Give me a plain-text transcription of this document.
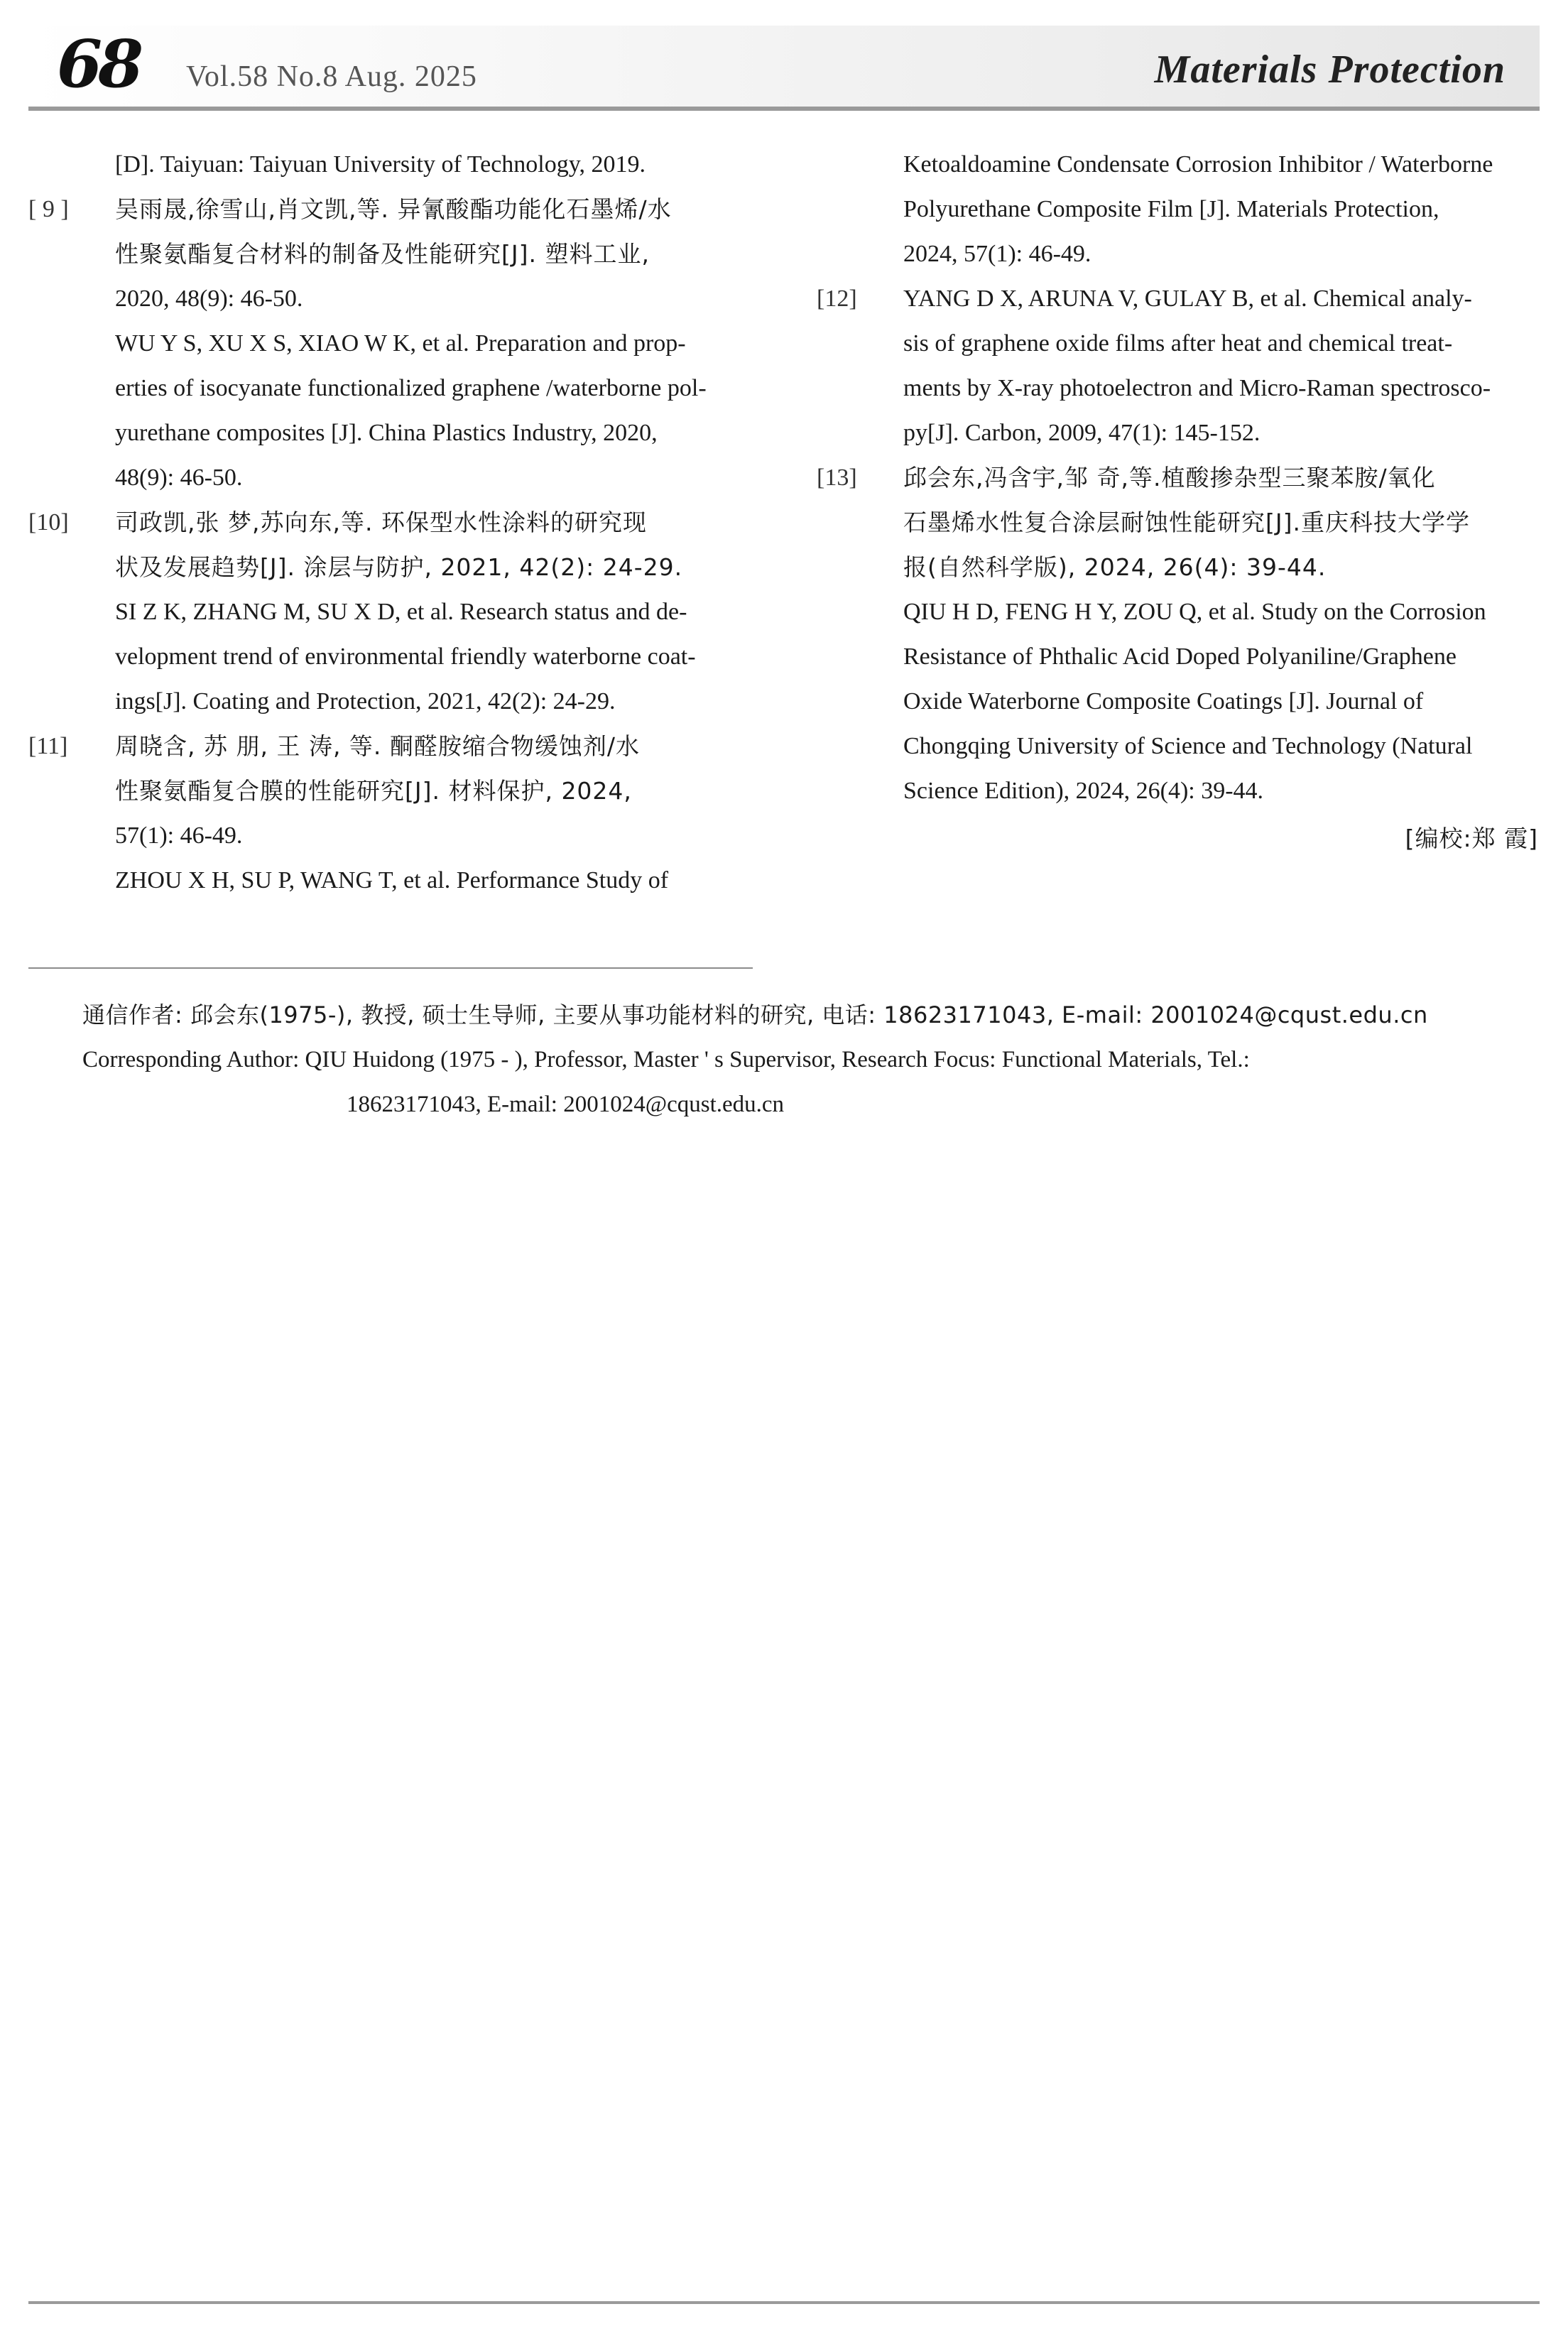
68 Vol.58 No.8 Aug. 2025	Materials Protection
[D]. Taiyuan: Taiyuan University of Technology, 2019.
[ 9 ] 吴雨晟,徐雪山,肖文凯,等. 异氰酸酯功能化石墨烯/水
性聚氨酯复合材料的制备及性能研究[J]. 塑料工业,
2020, 48(9): 46-50.
WU Y S, XU X S, XIAO W K, et al. Preparation and prop-
erties of isocyanate functionalized graphene /waterborne pol-
yurethane composites [J]. China Plastics Industry, 2020,
48(9): 46-50.
[10] 司政凯,张 梦,苏向东,等. 环保型水性涂料的研究现
状及发展趋势[J]. 涂层与防护, 2021, 42(2): 24-29.
SI Z K, ZHANG M, SU X D, et al. Research status and de-
velopment trend of environmental friendly waterborne coat-
ings[J]. Coating and Protection, 2021, 42(2): 24-29.
[11] 周晓含, 苏 朋, 王 涛, 等. 酮醛胺缩合物缓蚀剂/水
性聚氨酯复合膜的性能研究[J]. 材料保护, 2024,
57(1): 46-49.
ZHOU X H, SU P, WANG T, et al. Performance Study of
Ketoaldoamine Condensate Corrosion Inhibitor / Waterborne
Polyurethane Composite Film [J]. Materials Protection,
2024, 57(1): 46-49.
[12] YANG D X, ARUNA V, GULAY B, et al. Chemical analy-
sis of graphene oxide films after heat and chemical treat-
ments by X-ray photoelectron and Micro-Raman spectrosco-
py[J]. Carbon, 2009, 47(1): 145-152.
[13] 邱会东,冯含宇,邹 奇,等.植酸掺杂型三聚苯胺/氧化
石墨烯水性复合涂层耐蚀性能研究[J].重庆科技大学学
报(自然科学版), 2024, 26(4): 39-44.
QIU H D, FENG H Y, ZOU Q, et al. Study on the Corrosion
Resistance of Phthalic Acid Doped Polyaniline/Graphene
Oxide Waterborne Composite Coatings [J]. Journal of
Chongqing University of Science and Technology (Natural
Science Edition), 2024, 26(4): 39-44.
[编校:郑 霞]
通信作者: 邱会东(1975-), 教授, 硕士生导师, 主要从事功能材料的研究, 电话: 18623171043, E-mail: 2001024@cqust.edu.cn
Corresponding Author: QIU Huidong (1975 - ), Professor, Master ' s Supervisor, Research Focus: Functional Materials, Tel.:
18623171043, E-mail: 2001024@cqust.edu.cn
